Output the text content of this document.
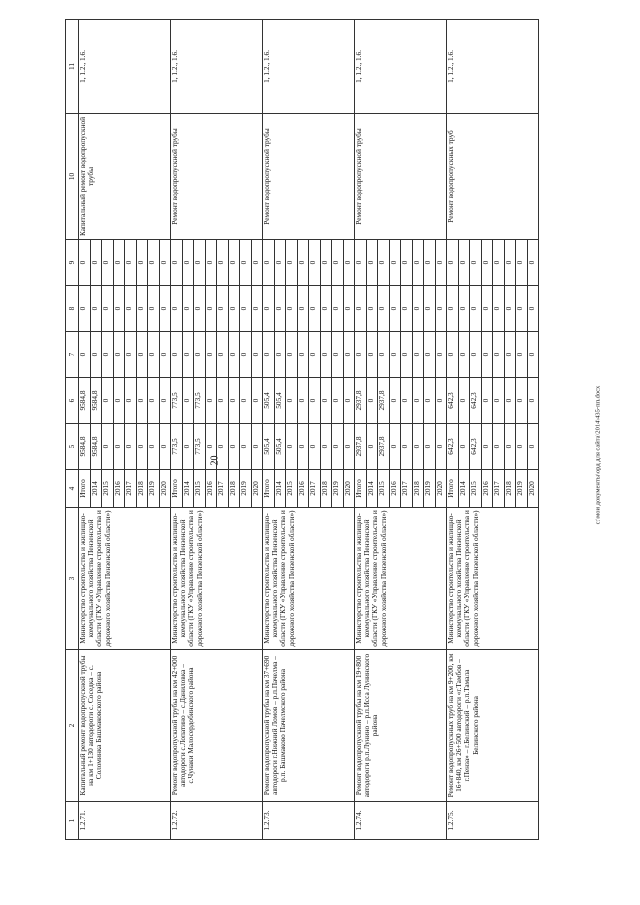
20	c:\мои документы\орд для сайта\2014\435-пп.docx
1	2	3	4	5	6	7	8	9	10	11
1.2.71.	Капитальный ремонт водопропускной трубы на км 1+130 автодороги с. Соседка – с. Соломинка Башмаковского района	Министерство строительства и жилищно-коммунального хозяйства Пензенской области (ГКУ «Управление строительства и дорожного хозяйства Пензенской области»)	Итого	9584,8	9584,8	0	0	0	Капитальный ремонт водопропускной трубы	1, 1.2., 1.6.
			2014	9584,8	9584,8	0	0	0		
			2015	0	0	0	0	0		
			2016	0	0	0	0	0		
			2017	0	0	0	0	0		
			2018	0	0	0	0	0		
			2019	0	0	0	0	0		
			2020	0	0	0	0	0		
1.2.72.	Ремонт водопропускной трубы на км 42+000 автодороги с.Лопатино – с.Даниловка – с.Чунаки Малосердобинского района	Министерство строительства и жилищно-коммунального хозяйства Пензенской области (ГКУ «Управление строительства и дорожного хозяйства Пензенской области»)	Итого	773,5	773,5	0	0	0	Ремонт водопропускной трубы	1, 1.2., 1.6.
			2014	0	0	0	0	0		
			2015	773,5	773,5	0	0	0		
			2016	0	0	0	0	0		
			2017	0	0	0	0	0		
			2018	0	0	0	0	0		
			2019	0	0	0	0	0		
			2020	0	0	0	0	0		
1.2.73.	Ремонт водопропускной трубы на км 37+690 автодороги г.Нижний Ломов – р.п.Пачелма – р.п. Башмаково Пачелмского района	Министерство строительства и жилищно-коммунального хозяйства Пензенской области (ГКУ «Управление строительства и дорожного хозяйства Пензенской области»)	Итого	505,4	505,4	0	0	0	Ремонт водопропускной трубы	1, 1.2., 1.6.
			2014	505,4	505,4	0	0	0		
			2015	0	0	0	0	0		
			2016	0	0	0	0	0		
			2017	0	0	0	0	0		
			2018	0	0	0	0	0		
			2019	0	0	0	0	0		
			2020	0	0	0	0	0		
1.2.74.	Ремонт водопропускной трубы на км 19+800 автодороги р.п.Лунино – р.п.Исса Лунинского района	Министерство строительства и жилищно-коммунального хозяйства Пензенской области (ГКУ «Управление строительства и дорожного хозяйства Пензенской области»)	Итого	2937,8	2937,8	0	0	0	Ремонт водопропускной трубы	1, 1.2., 1.6.
			2014	0	0	0	0	0		
			2015	2937,8	2937,8	0	0	0		
			2016	0	0	0	0	0		
			2017	0	0	0	0	0		
			2018	0	0	0	0	0		
			2019	0	0	0	0	0		
			2020	0	0	0	0	0		
1.2.75.	Ремонт водопропускных труб на км 9+200, км 16+840, км 26+500 автодороги «г.Тамбов – г.Пенза» – г.Белинский – р.п.Тамала Белинского района	Министерство строительства и жилищно-коммунального хозяйства Пензенской области (ГКУ «Управление строительства и дорожного хозяйства Пензенской области»)	Итого	642,3	642,3	0	0	0	Ремонт водопропускных труб	1, 1.2., 1.6.
			2014	0	0	0	0	0		
			2015	642,3	642,3	0	0	0		
			2016	0	0	0	0	0		
			2017	0	0	0	0	0		
			2018	0	0	0	0	0		
			2019	0	0	0	0	0		
			2020	0	0	0	0	0		
